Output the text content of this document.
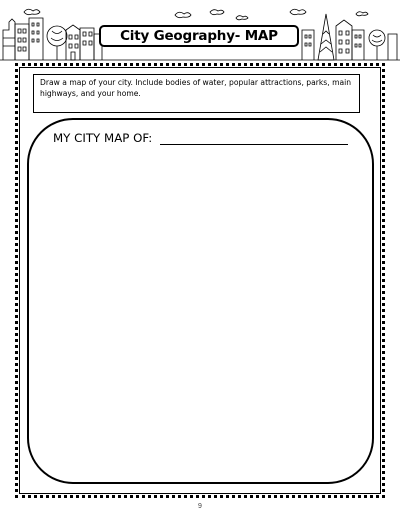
City Geography- MAP
Draw a map of your city. Include bodies of water, popular attractions, parks, main highways, and your home.
MY CITY MAP OF:
9
